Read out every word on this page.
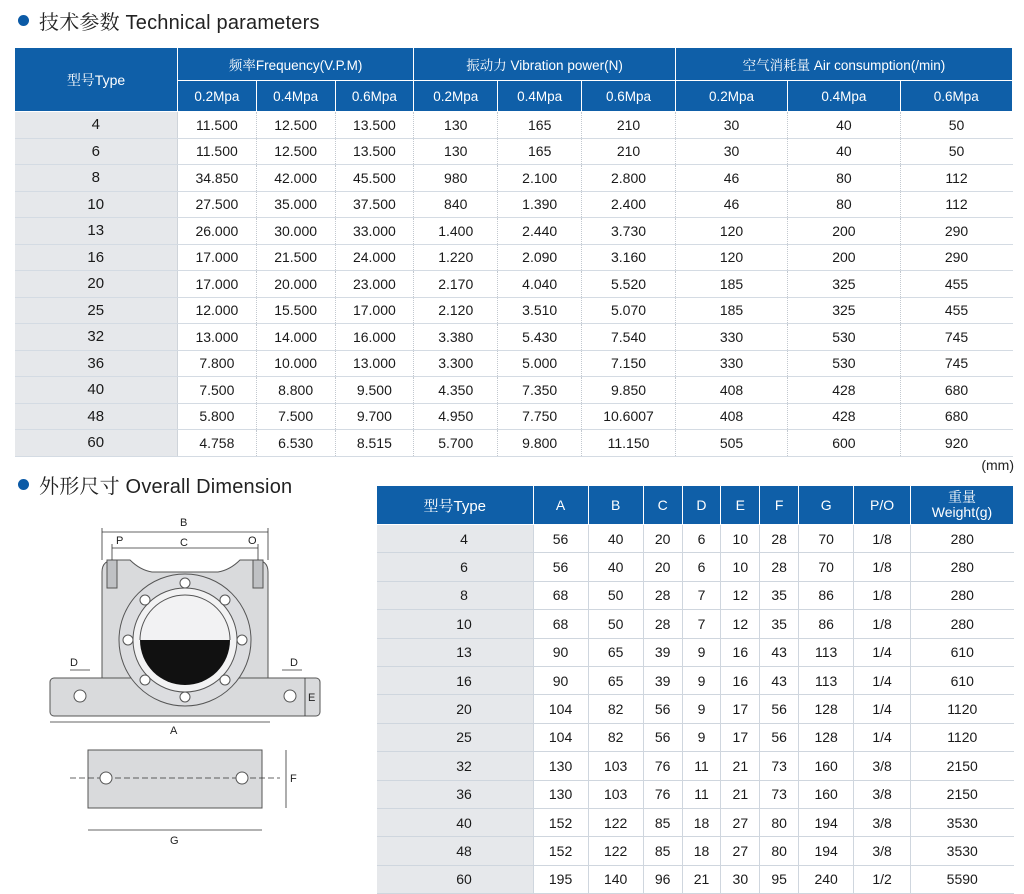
技术参数 Technical parameters
型号Type	频率Frequency(V.P.M)			振动力 Vibration power(N)			空气消耗量 Air consumption(/min)		
	0.2Mpa	0.4Mpa	0.6Mpa	0.2Mpa	0.4Mpa	0.6Mpa	0.2Mpa	0.4Mpa	0.6Mpa
4	11.500	12.500	13.500	130	165	210	30	40	50
6	11.500	12.500	13.500	130	165	210	30	40	50
8	34.850	42.000	45.500	980	2.100	2.800	46	80	112
10	27.500	35.000	37.500	840	1.390	2.400	46	80	112
13	26.000	30.000	33.000	1.400	2.440	3.730	120	200	290
16	17.000	21.500	24.000	1.220	2.090	3.160	120	200	290
20	17.000	20.000	23.000	2.170	4.040	5.520	185	325	455
25	12.000	15.500	17.000	2.120	3.510	5.070	185	325	455
32	13.000	14.000	16.000	3.380	5.430	7.540	330	530	745
36	7.800	10.000	13.000	3.300	5.000	7.150	330	530	745
40	7.500	8.800	9.500	4.350	7.350	9.850	408	428	680
48	5.800	7.500	9.700	4.950	7.750	10.6007	408	428	680
60	4.758	6.530	8.515	5.700	9.800	11.150	505	600	920
外形尺寸 Overall Dimension
(mm)
型号Type	A	B	C	D	E	F	G	P/O	重量
Weight(g)
4	56	40	20	6	10	28	70	1/8	280
6	56	40	20	6	10	28	70	1/8	280
8	68	50	28	7	12	35	86	1/8	280
10	68	50	28	7	12	35	86	1/8	280
13	90	65	39	9	16	43	113	1/4	610
16	90	65	39	9	16	43	113	1/4	610
20	104	82	56	9	17	56	128	1/4	1120
25	104	82	56	9	17	56	128	1/4	1120
32	130	103	76	11	21	73	160	3/8	2150
36	130	103	76	11	21	73	160	3/8	2150
40	152	122	85	18	27	80	194	3/8	3530
48	152	122	85	18	27	80	194	3/8	3530
60	195	140	96	21	30	95	240	1/2	5590
B
C
P	O
D	D
E
A
F
G
